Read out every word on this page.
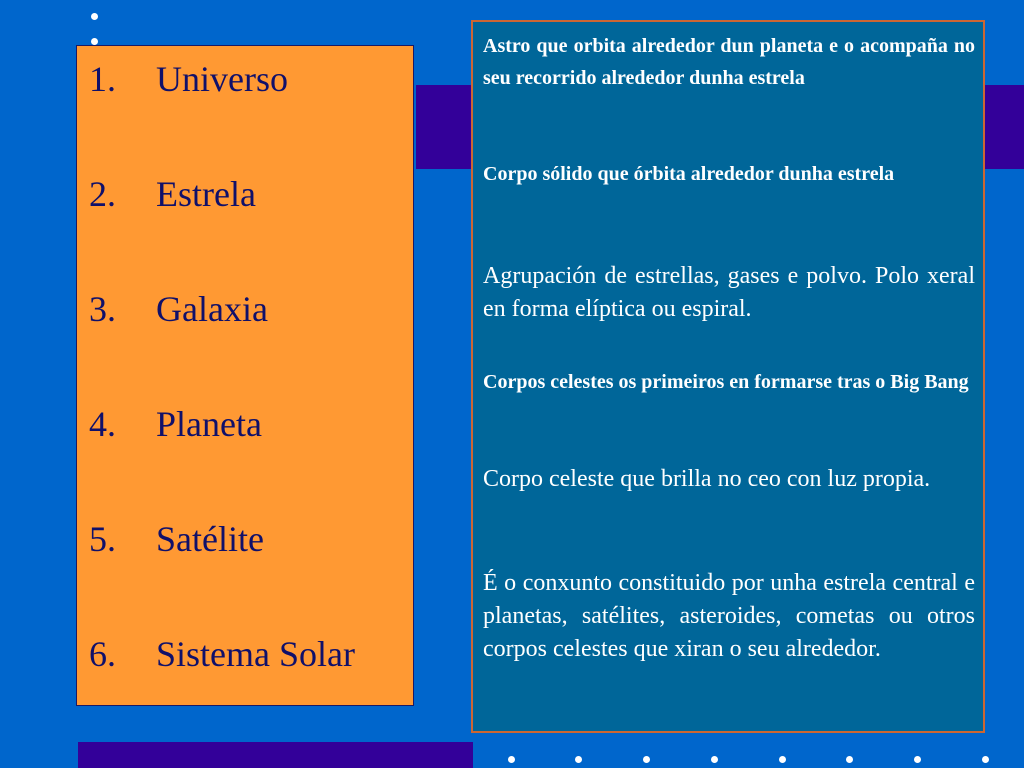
1. Universo
2. Estrela
3. Galaxia
4. Planeta
5. Satélite
6. Sistema Solar

Astro que orbita alrededor dun planeta e o acompaña no seu recorrido alrededor dunha estrela

Corpo sólido que órbita alrededor dunha estrela

Agrupación de estrellas, gases e polvo. Polo xeral en forma elíptica ou espiral.

Corpos celestes os primeiros en formarse tras o Big Bang

Corpo celeste que brilla no ceo con luz propia.

É o conxunto constituido por unha estrela central e planetas, satélites, asteroides, cometas ou otros corpos celestes que xiran o seu alrededor.
